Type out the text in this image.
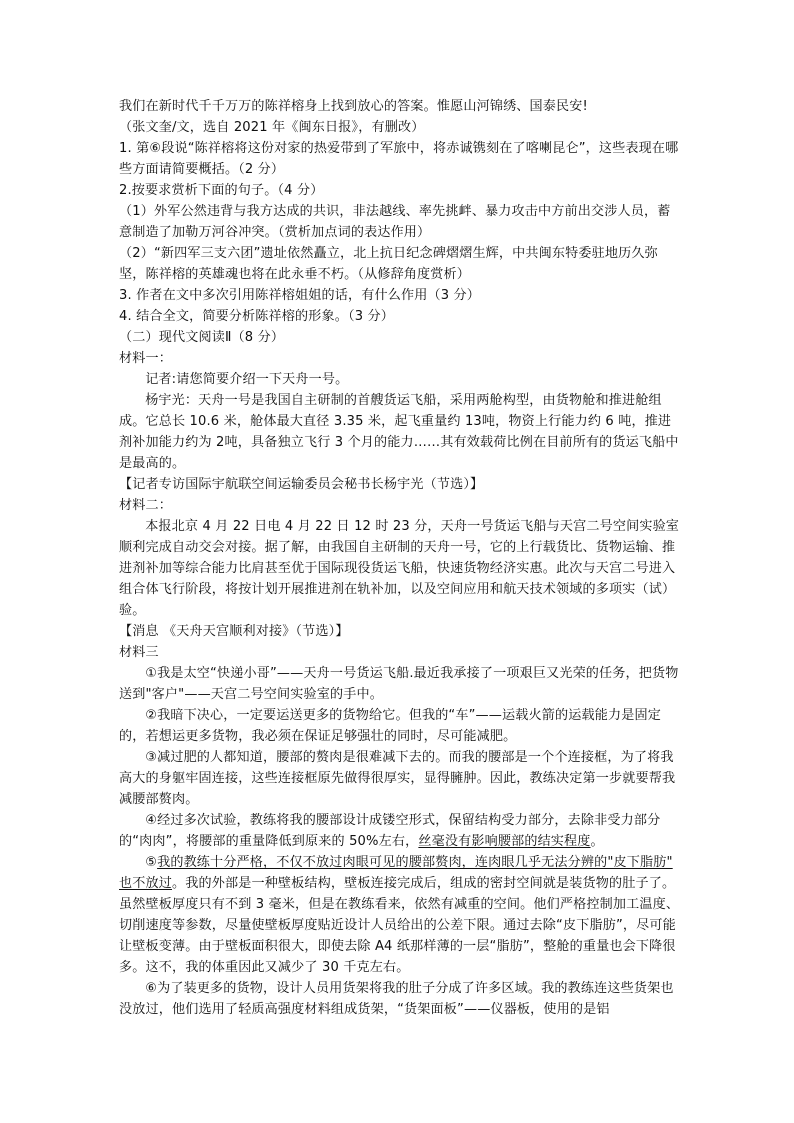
我们在新时代千千万万的陈祥榕身上找到放心的答案。惟愿山河锦绣、国泰民安!

（张文奎/文，选自 2021 年《闽东日报》，有删改）

1. 第⑥段说“陈祥榕将这份对家的热爱带到了军旅中，将赤诚镌刻在了喀喇昆仑”，这些表现在哪些方面请简要概括。（2 分）

2.按要求赏析下面的句子。（4 分）

（1）外军公然违背与我方达成的共识，非法越线、率先挑衅、暴力攻击中方前出交涉人员，蓄意制造了加勒万河谷冲突。（赏析加点词的表达作用）

（2）“新四军三支六团”遗址依然矗立，北上抗日纪念碑熠熠生辉，中共闽东特委驻地历久弥坚，陈祥榕的英雄魂也将在此永垂不朽。（从修辞角度赏析）

3. 作者在文中多次引用陈祥榕姐姐的话，有什么作用（3 分）

4. 结合全文，简要分析陈祥榕的形象。（3 分）

（二）现代文阅读Ⅱ（8 分）

材料一：

记者:请您简要介绍一下天舟一号。

杨宇光：天舟一号是我国自主研制的首艘货运飞船，采用两舱构型，由货物舱和推进舱组成。它总长 10.6 米，舱体最大直径 3.35 米，起飞重量约 13吨，物资上行能力约 6 吨，推进剂补加能力约为 2吨，具备独立飞行 3 个月的能力……其有效载荷比例在目前所有的货运飞船中是最高的。

【记者专访国际宇航联空间运输委员会秘书长杨宇光（节选）】

材料二：

本报北京 4 月 22 日电 4 月 22 日 12 时 23 分，天舟一号货运飞船与天宫二号空间实验室顺利完成自动交会对接。据了解，由我国自主研制的天舟一号，它的上行载货比、货物运输、推进剂补加等综合能力比肩甚至优于国际现役货运飞船，快速货物经济实惠。此次与天宫二号进入组合体飞行阶段，将按计划开展推进剂在轨补加，以及空间应用和航天技术领域的多项实（试）验。

【消息 《天舟天宫顺利对接》（节选）】

材料三

①我是太空“快递小哥”——天舟一号货运飞船.最近我承接了一项艰巨又光荣的任务，把货物送到"客户"——天宫二号空间实验室的手中。

②我暗下决心，一定要运送更多的货物给它。但我的“车”——运载火箭的运载能力是固定的，若想运更多货物，我必须在保证足够强壮的同时，尽可能减肥。

③减过肥的人都知道，腰部的赘肉是很难减下去的。而我的腰部是一个个连接框，为了将我高大的身躯牢固连接，这些连接框原先做得很厚实，显得臃肿。因此，教练决定第一步就要帮我减腰部赘肉。

④经过多次试验，教练将我的腰部设计成镂空形式，保留结构受力部分，去除非受力部分的“肉肉”，将腰部的重量降低到原来的 50%左右，丝毫没有影响腰部的结实程度。

⑤我的教练十分严格，不仅不放过肉眼可见的腰部赘肉，连肉眼几乎无法分辨的"皮下脂肪" 也不放过。我的外部是一种壁板结构，壁板连接完成后，组成的密封空间就是装货物的肚子了。虽然壁板厚度只有不到 3 毫米，但是在教练看来，依然有减重的空间。他们严格控制加工温度、切削速度等参数，尽量使壁板厚度贴近设计人员给出的公差下限。通过去除“皮下脂肪”，尽可能让壁板变薄。由于壁板面积很大，即使去除 A4 纸那样薄的一层“脂肪”，整舱的重量也会下降很多。这不，我的体重因此又减少了 30 千克左右。

⑥为了装更多的货物，设计人员用货架将我的肚子分成了许多区域。我的教练连这些货架也没放过，他们选用了轻质高强度材料组成货架，“货架面板”——仪器板，使用的是铝
